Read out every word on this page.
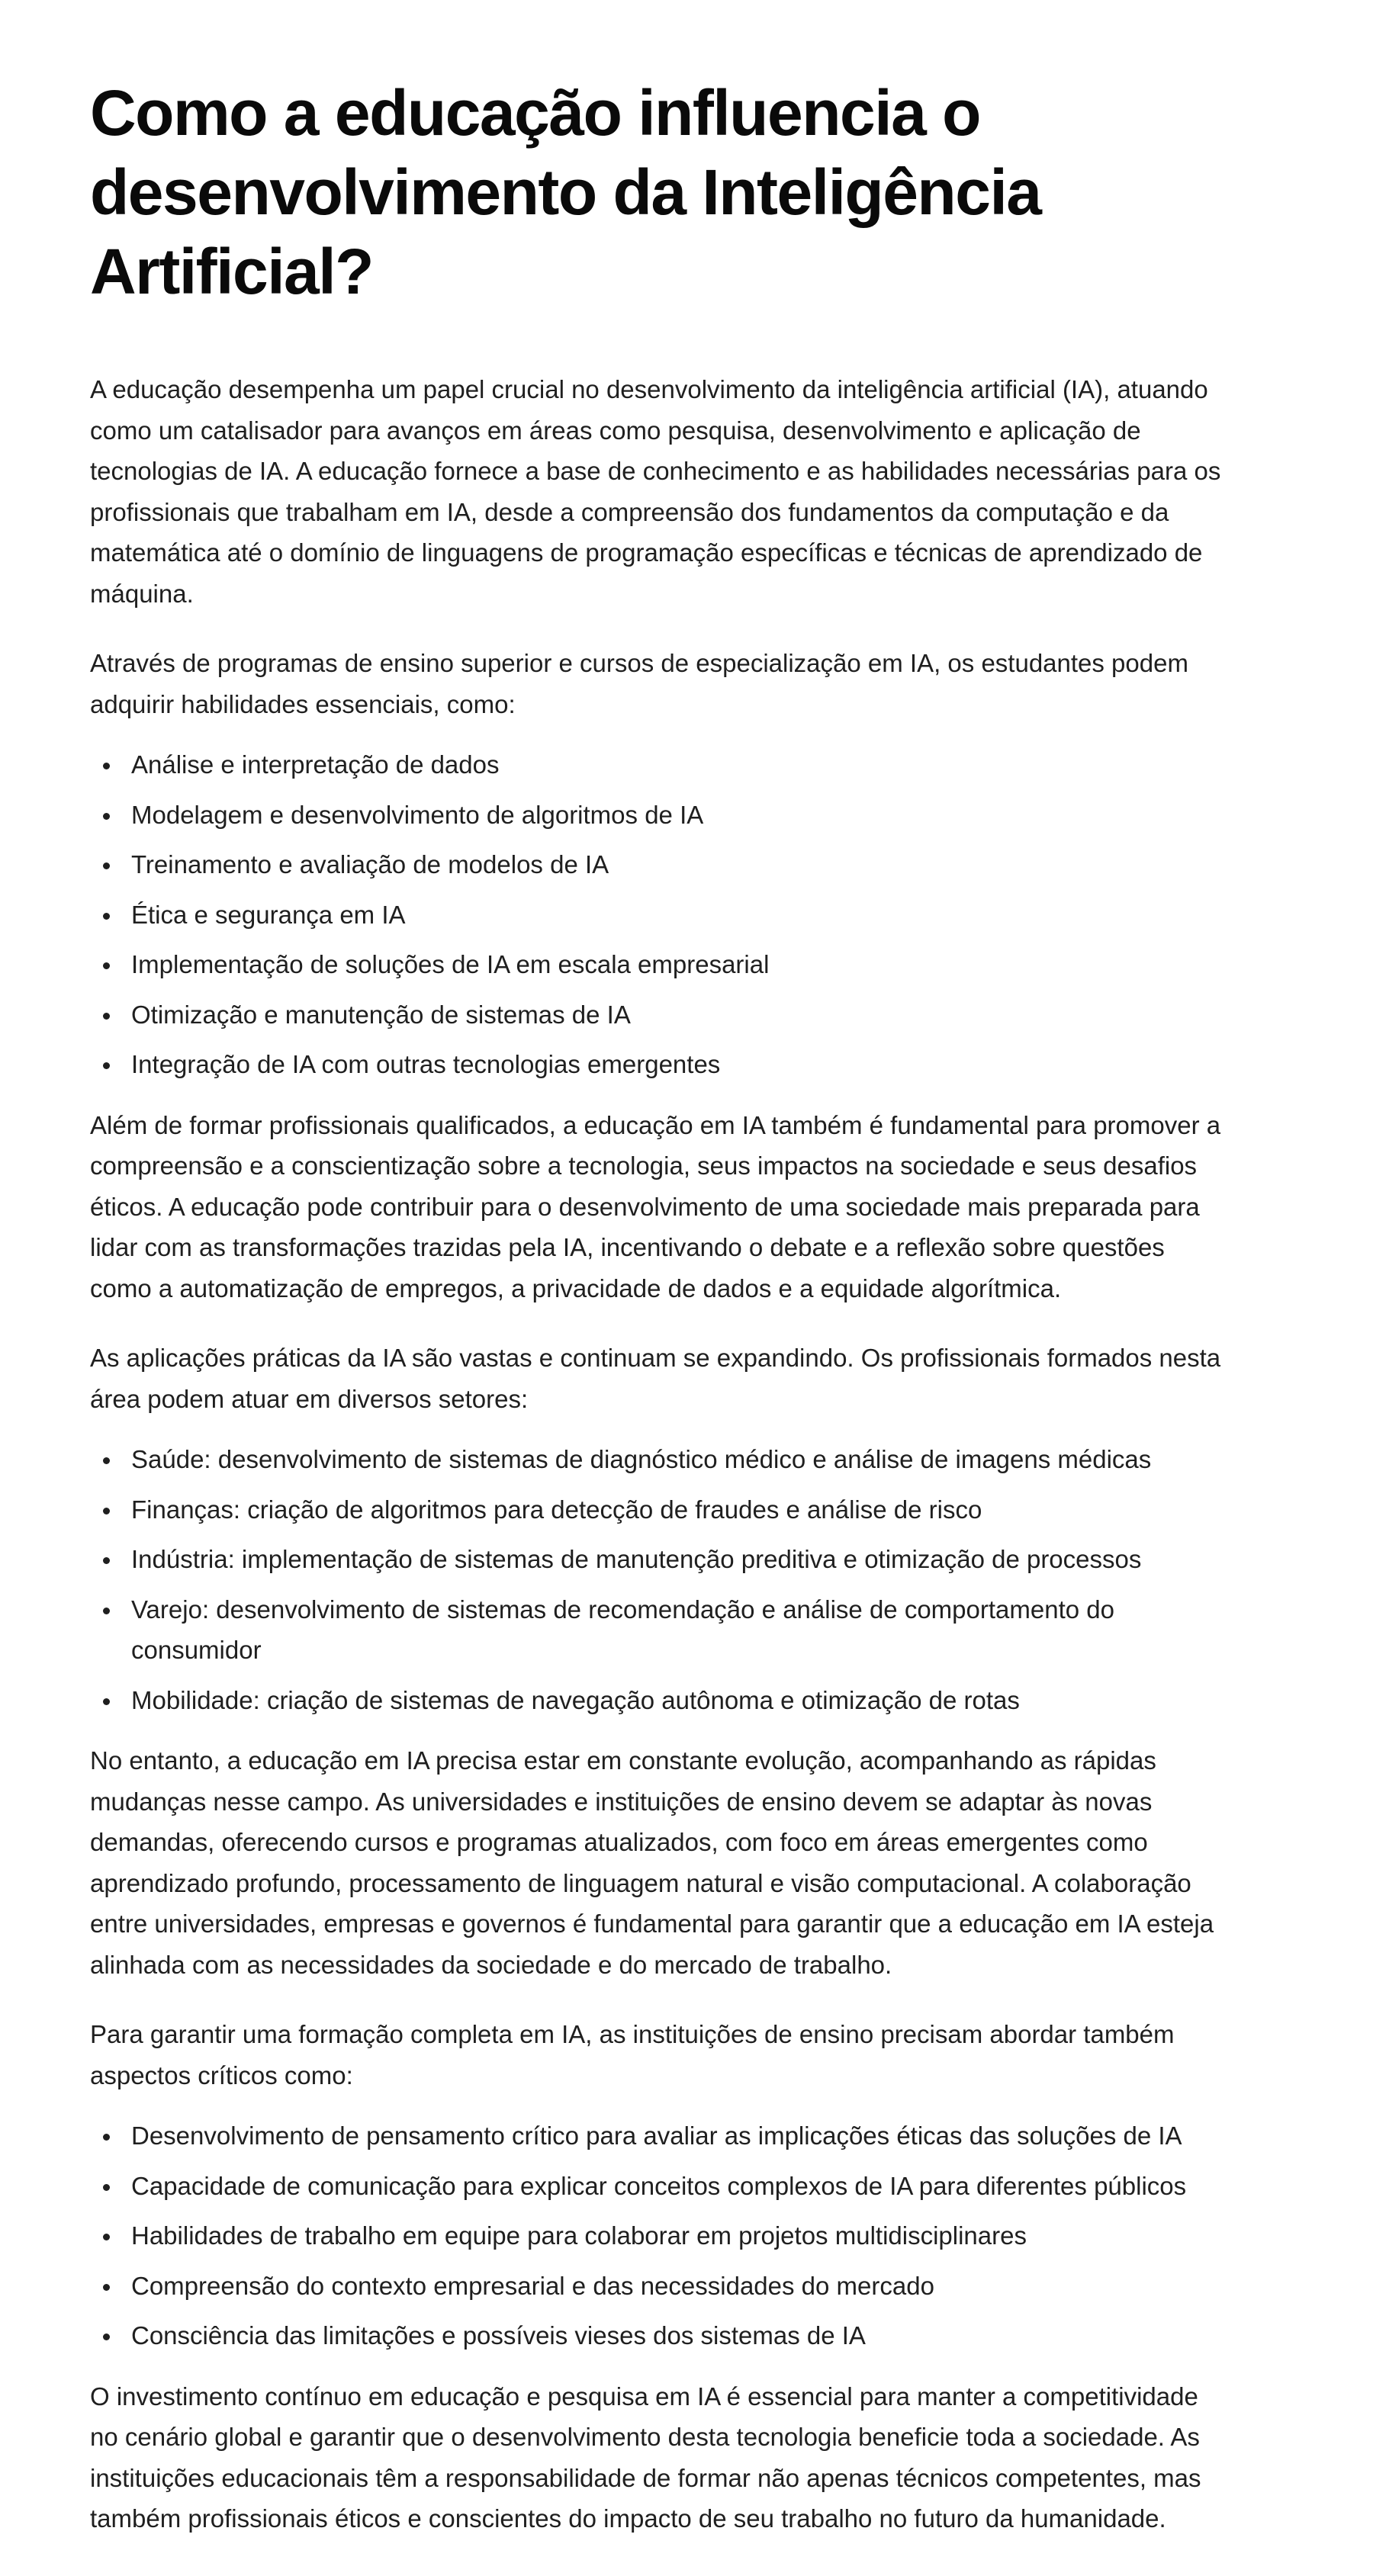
Como a educação influencia o desenvolvimento da Inteligência Artificial?

A educação desempenha um papel crucial no desenvolvimento da inteligência artificial (IA), atuando como um catalisador para avanços em áreas como pesquisa, desenvolvimento e aplicação de tecnologias de IA. A educação fornece a base de conhecimento e as habilidades necessárias para os profissionais que trabalham em IA, desde a compreensão dos fundamentos da computação e da matemática até o domínio de linguagens de programação específicas e técnicas de aprendizado de máquina.

Através de programas de ensino superior e cursos de especialização em IA, os estudantes podem adquirir habilidades essenciais, como:

Análise e interpretação de dados
Modelagem e desenvolvimento de algoritmos de IA
Treinamento e avaliação de modelos de IA
Ética e segurança em IA
Implementação de soluções de IA em escala empresarial
Otimização e manutenção de sistemas de IA
Integração de IA com outras tecnologias emergentes

Além de formar profissionais qualificados, a educação em IA também é fundamental para promover a compreensão e a conscientização sobre a tecnologia, seus impactos na sociedade e seus desafios éticos. A educação pode contribuir para o desenvolvimento de uma sociedade mais preparada para lidar com as transformações trazidas pela IA, incentivando o debate e a reflexão sobre questões como a automatização de empregos, a privacidade de dados e a equidade algorítmica.

As aplicações práticas da IA são vastas e continuam se expandindo. Os profissionais formados nesta área podem atuar em diversos setores:

Saúde: desenvolvimento de sistemas de diagnóstico médico e análise de imagens médicas
Finanças: criação de algoritmos para detecção de fraudes e análise de risco
Indústria: implementação de sistemas de manutenção preditiva e otimização de processos
Varejo: desenvolvimento de sistemas de recomendação e análise de comportamento do consumidor
Mobilidade: criação de sistemas de navegação autônoma e otimização de rotas

No entanto, a educação em IA precisa estar em constante evolução, acompanhando as rápidas mudanças nesse campo. As universidades e instituições de ensino devem se adaptar às novas demandas, oferecendo cursos e programas atualizados, com foco em áreas emergentes como aprendizado profundo, processamento de linguagem natural e visão computacional. A colaboração entre universidades, empresas e governos é fundamental para garantir que a educação em IA esteja alinhada com as necessidades da sociedade e do mercado de trabalho.

Para garantir uma formação completa em IA, as instituições de ensino precisam abordar também aspectos críticos como:

Desenvolvimento de pensamento crítico para avaliar as implicações éticas das soluções de IA
Capacidade de comunicação para explicar conceitos complexos de IA para diferentes públicos
Habilidades de trabalho em equipe para colaborar em projetos multidisciplinares
Compreensão do contexto empresarial e das necessidades do mercado
Consciência das limitações e possíveis vieses dos sistemas de IA

O investimento contínuo em educação e pesquisa em IA é essencial para manter a competitividade no cenário global e garantir que o desenvolvimento desta tecnologia beneficie toda a sociedade. As instituições educacionais têm a responsabilidade de formar não apenas técnicos competentes, mas também profissionais éticos e conscientes do impacto de seu trabalho no futuro da humanidade.
